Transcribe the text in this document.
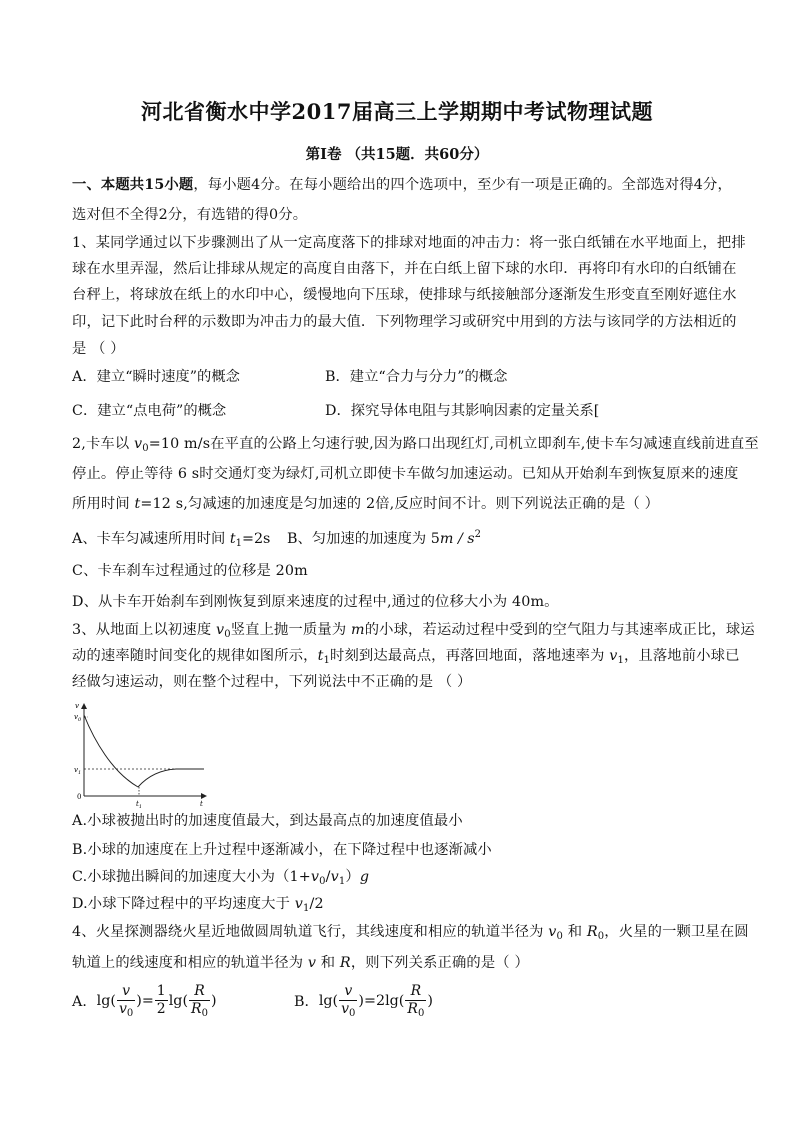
河北省衡水中学2017届高三上学期期中考试物理试题
第I卷 （共15题．共60分）
一、本题共15小题，每小题4分。在每小题给出的四个选项中，至少有一项是正确的。全部选对得4分，
选对但不全得2分，有选错的得0分。
1、某同学通过以下步骤测出了从一定高度落下的排球对地面的冲击力：将一张白纸铺在水平地面上，把排
球在水里弄湿，然后让排球从规定的高度自由落下，并在白纸上留下球的水印．再将印有水印的白纸铺在
台秤上，将球放在纸上的水印中心，缓慢地向下压球，使排球与纸接触部分逐渐发生形变直至刚好遮住水
印，记下此时台秤的示数即为冲击力的最大值．下列物理学习或研究中用到的方法与该同学的方法相近的
是 （ ）
A．建立“瞬时速度”的概念	B．建立“合力与分力”的概念
C．建立“点电荷”的概念	D．探究导体电阻与其影响因素的定量关系[
2,卡车以 $v_0=10$ m/s在平直的公路上匀速行驶,因为路口出现红灯,司机立即刹车,使卡车匀减速直线前进直至
停止。停止等待 6 s时交通灯变为绿灯,司机立即使卡车做匀加速运动。已知从开始刹车到恢复原来的速度
所用时间 t=12 s,匀减速的加速度是匀加速的 2倍,反应时间不计。则下列说法正确的是（ ）
A、卡车匀减速所用时间 $t_1=2s$ B、匀加速的加速度为 $5m / s^2$
C、卡车刹车过程通过的位移是 20m
D、从卡车开始刹车到刚恢复到原来速度的过程中,通过的位移大小为 40m。
3、从地面上以初速度 $v_0$竖直上抛一质量为 m的小球，若运动过程中受到的空气阻力与其速率成正比，球运
动的速率随时间变化的规律如图所示，$t_1$时刻到达最高点，再落回地面，落地速率为 $v_1$，且落地前小球已
经做匀速运动，则在整个过程中，下列说法中不正确的是 （ ）
v
t
0
$v_0$
$v_1$
$t_1$
A.小球被抛出时的加速度值最大，到达最高点的加速度值最小
B.小球的加速度在上升过程中逐渐减小，在下降过程中也逐渐减小
C.小球抛出瞬间的加速度大小为$(1+v_0/v_1)g$
D.小球下降过程中的平均速度大于 $v_1/2$
4、火星探测器绕火星近地做圆周轨道飞行，其线速度和相应的轨道半径为 $v_0$ 和 $R_0$，火星的一颗卫星在圆
轨道上的线速度和相应的轨道半径为 v 和 R，则下列关系正确的是（ ）
A． $\lg( \frac{v}{v_0}$ ) = $\frac{1}{2} \lg( \frac{R}{R_0}$ )	B． $\lg( \frac{v}{v_0}$ ) = $2\lg( \frac{R}{R_0}$ )
